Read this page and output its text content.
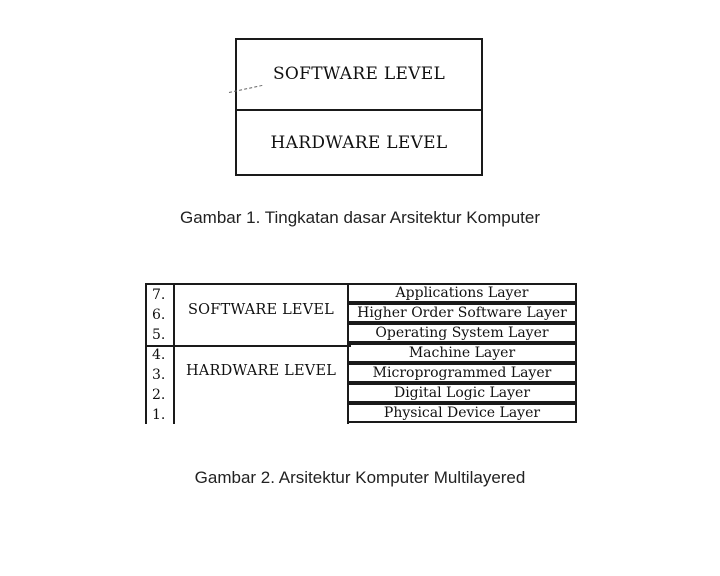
SOFTWARE LEVEL
HARDWARE LEVEL
Gambar 1. Tingkatan dasar Arsitektur Komputer
7.
6.
5.
4.
3.
2.
1.
SOFTWARE LEVEL
HARDWARE LEVEL
Applications Layer
Higher Order Software Layer
Operating System Layer
Machine Layer
Microprogrammed Layer
Digital Logic Layer
Physical Device Layer
Gambar 2. Arsitektur Komputer Multilayered
